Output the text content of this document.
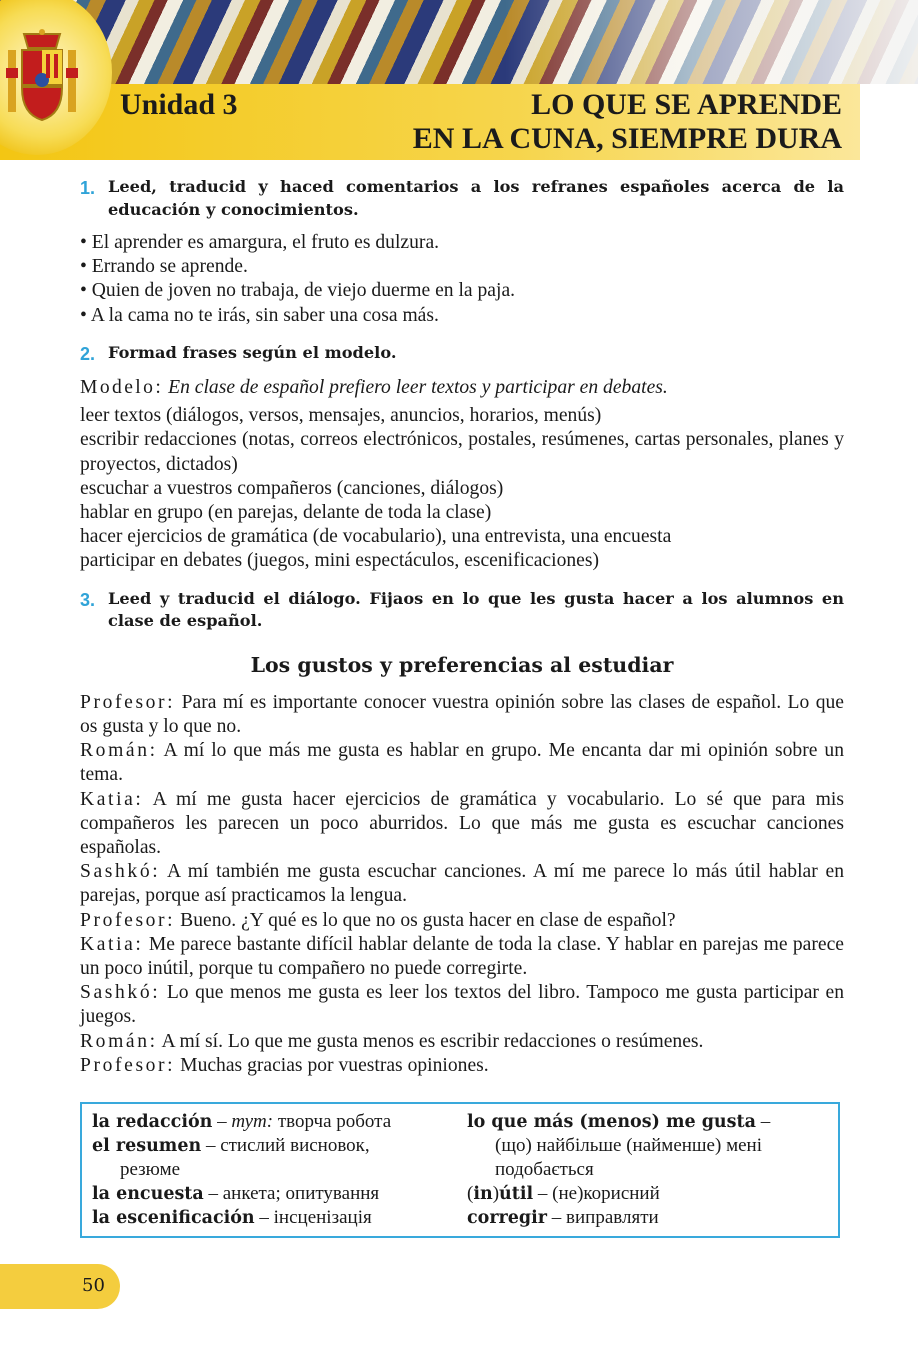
Unidad 3	LO QUE SE APRENDE
EN LA CUNA, SIEMPRE DURA
1. Leed, traducid y haced comentarios a los refranes españoles acerca de la educación y conocimientos.
• El aprender es amargura, el fruto es dulzura.
• Errando se aprende.
• Quien de joven no trabaja, de viejo duerme en la paja.
• A la cama no te irás, sin saber una cosa más.
2. Formad frases según el modelo.
Modelo: En clase de español prefiero leer textos y participar en debates.
leer textos (diálogos, versos, mensajes, anuncios, horarios, menús)
escribir redacciones (notas, correos electrónicos, postales, resúmenes, cartas personales, planes y proyectos, dictados)
escuchar a vuestros compañeros (canciones, diálogos)
hablar en grupo (en parejas, delante de toda la clase)
hacer ejercicios de gramática (de vocabulario), una entrevista, una encuesta
participar en debates (juegos, mini espectáculos, escenificaciones)
3. Leed y traducid el diálogo. Fijaos en lo que les gusta hacer a los alumnos en clase de español.
Los gustos y preferencias al estudiar

Profesor: Para mí es importante conocer vuestra opinión sobre las clases de español. Lo que os gusta y lo que no.

Román: A mí lo que más me gusta es hablar en grupo. Me encanta dar mi opinión sobre un tema.

Katia: A mí me gusta hacer ejercicios de gramática y vocabulario. Lo sé que para mis compañeros les parecen un poco aburridos. Lo que más me gusta es escuchar canciones españolas.

Sashkó: A mí también me gusta escuchar canciones. A mí me parece lo más útil hablar en parejas, porque así practicamos la lengua.

Profesor: Bueno. ¿Y qué es lo que no os gusta hacer en clase de español?

Katia: Me parece bastante difícil hablar delante de toda la clase. Y hablar en parejas me parece un poco inútil, porque tu compañero no puede corregirte.

Sashkó: Lo que menos me gusta es leer los textos del libro. Tampoco me gusta participar en juegos.

Román: A mí sí. Lo que me gusta menos es escribir redacciones o resúmenes.

Profesor: Muchas gracias por vuestras opiniones.

la redacción – тут: творча робота
el resumen – стислий висновок,
резюме
la encuesta – анкета; опитування
la escenificación – інсценізація
lo que más (menos) me gusta –
(що) найбільше (найменше) мені
подобається
(in)útil – (не)корисний
corregir – виправляти
50
